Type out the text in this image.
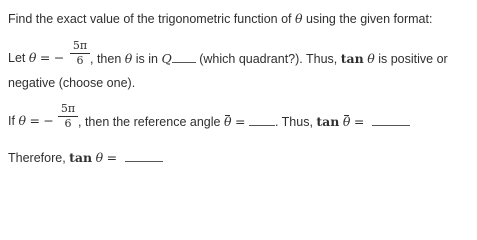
Find the exact value of the trigonometric function of θ using the given format:
Let θ = −
5π
6 , then θ is in Q (which quadrant?). Thus, tan θ is positive or
negative (choose one).
If θ = −
5π
6 , then the reference angle θ = . Thus, tan θ =
Therefore, tan θ =
